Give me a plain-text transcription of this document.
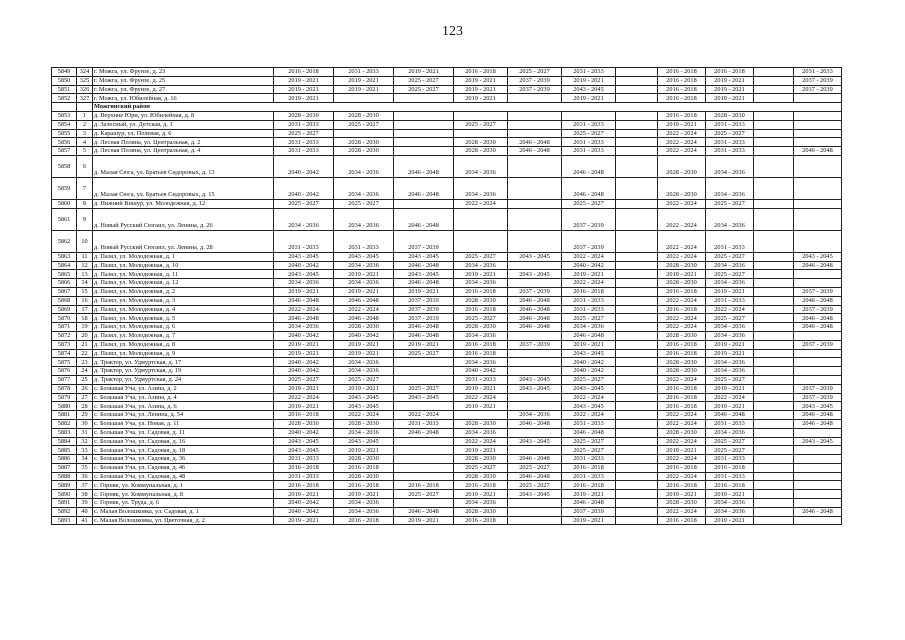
123
5849	324	г. Можга, ул. Фрунзе, д. 23	2016 - 2018	2031 - 2033	2019 - 2021	2016 - 2018	2025 - 2027	2031 - 2033		2016 - 2018	2016 - 2018		2031 - 2033
5850	325	г. Можга, ул. Фрунзе, д. 25	2019 - 2021	2019 - 2021	2025 - 2027	2019 - 2021	2037 - 2039	2019 - 2021		2016 - 2018	2019 - 2021		2037 - 2039
5851	326	г. Можга, ул. Фрунзе, д. 27	2019 - 2021	2019 - 2021	2025 - 2027	2019 - 2021	2037 - 2039	2043 - 2045		2016 - 2018	2019 - 2021		2037 - 2039
5852	327	г. Можга, ул. Юбилейная, д. 16	2019 - 2021			2019 - 2021		2019 - 2021		2016 - 2018	2019 - 2021		
		Можгинский район											
5853	1	д. Верхние Юри, ул. Юбилейная, д. 8	2028 - 2030	2028 - 2030						2016 - 2018	2028 - 2030		
5854	2	д. Залесный, ул. Детская, д. 1	2031 - 2033	2025 - 2027		2025 - 2027		2031 - 2033		2019 - 2021	2031 - 2033		
5855	3	д. Карашур, ул. Полевая, д. 6	2025 - 2027					2025 - 2027		2022 - 2024	2025 - 2027		
5856	4	д. Лесная Поляна, ул. Центральная, д. 2	2031 - 2033	2028 - 2030		2028 - 2030	2046 - 2048	2031 - 2033		2022 - 2024	2031 - 2033		
5857	5	д. Лесная Поляна, ул. Центральная, д. 4	2031 - 2033	2028 - 2030		2028 - 2030	2046 - 2048	2031 - 2033		2022 - 2024	2031 - 2033		2046 - 2048
5858	6	д. Малая Сюга, ул. Братьев Сидоровых, д. 13	2040 - 2042	2034 - 2036	2046 - 2048	2034 - 2036		2046 - 2048		2028 - 2030	2034 - 2036		
5859	7	д. Малая Сюга, ул. Братьев Сидоровых, д. 15	2040 - 2042	2034 - 2036	2046 - 2048	2034 - 2036		2046 - 2048		2028 - 2030	2034 - 2036		
5860	8	д. Нижний Вишур, ул. Молодежная, д. 12	2025 - 2027	2025 - 2027		2022 - 2024		2025 - 2027		2022 - 2024	2025 - 2027		
5861	9	д. Новый Русский Сюгаил, ул. Ленина, д. 26	2034 - 2036	2034 - 2036	2046 - 2048			2037 - 2039		2022 - 2024	2034 - 2036		
5862	10	д. Новый Русский Сюгаил, ул. Ленина, д. 28	2031 - 2033	2031 - 2033	2037 - 2039			2037 - 2039		2022 - 2024	2031 - 2033		
5863	11	д. Пазял, ул. Молодежная, д. 1	2043 - 2045	2043 - 2045	2043 - 2045	2025 - 2027	2043 - 2045	2022 - 2024		2022 - 2024	2025 - 2027		2043 - 2045
5864	12	д. Пазял, ул. Молодежная, д. 10	2040 - 2042	2034 - 2036	2046 - 2048	2034 - 2036		2040 - 2042		2028 - 2030	2034 - 2036		2046 - 2048
5865	13	д. Пазял, ул. Молодежная, д. 11	2043 - 2045	2019 - 2021	2043 - 2045	2019 - 2021	2043 - 2045	2019 - 2021		2019 - 2021	2025 - 2027		
5866	14	д. Пазял, ул. Молодежная, д. 12	2034 - 2036	2034 - 2036	2046 - 2048	2034 - 2036		2022 - 2024		2028 - 2030	2034 - 2036		
5867	15	д. Пазял, ул. Молодежная, д. 2	2019 - 2021	2019 - 2021	2019 - 2021	2016 - 2018	2037 - 2039	2016 - 2018		2016 - 2018	2019 - 2021		2037 - 2039
5868	16	д. Пазял, ул. Молодежная, д. 3	2046 - 2048	2046 - 2048	2037 - 2039	2028 - 2030	2046 - 2048	2031 - 2033		2022 - 2024	2031 - 2033		2046 - 2048
5869	17	д. Пазял, ул. Молодежная, д. 4	2022 - 2024	2022 - 2024	2037 - 2039	2016 - 2018	2046 - 2048	2031 - 2033		2016 - 2018	2022 - 2024		2037 - 2039
5870	18	д. Пазял, ул. Молодежная, д. 5	2046 - 2048	2046 - 2048	2037 - 2039	2025 - 2027	2046 - 2048	2025 - 2027		2022 - 2024	2025 - 2027		2046 - 2048
5871	19	д. Пазял, ул. Молодежная, д. 6	2034 - 2036	2028 - 2030	2046 - 2048	2028 - 2030	2046 - 2048	2034 - 2036		2022 - 2024	2034 - 2036		2046 - 2048
5872	20	д. Пазял, ул. Молодежная, д. 7	2040 - 2042	2040 - 2042	2046 - 2048	2034 - 2036		2046 - 2048		2028 - 2030	2034 - 2036		
5873	21	д. Пазял, ул. Молодежная, д. 8	2019 - 2021	2019 - 2021	2019 - 2021	2016 - 2018	2037 - 2039	2019 - 2021		2016 - 2018	2019 - 2021		2037 - 2039
5874	22	д. Пазял, ул. Молодежная, д. 9	2019 - 2021	2019 - 2021	2025 - 2027	2016 - 2018		2043 - 2045		2016 - 2018	2019 - 2021		
5875	23	д. Трактор, ул. Удмуртская, д. 17	2040 - 2042	2034 - 2036		2034 - 2036		2040 - 2042		2028 - 2030	2034 - 2036		
5876	24	д. Трактор, ул. Удмуртская, д. 19	2040 - 2042	2034 - 2036		2040 - 2042		2040 - 2042		2028 - 2030	2034 - 2036		
5877	25	д. Трактор, ул. Удмуртская, д. 24	2025 - 2027	2025 - 2027		2031 - 2033	2043 - 2045	2025 - 2027		2022 - 2024	2025 - 2027		
5878	26	с. Большая Уча, ул. Азина, д. 2	2019 - 2021	2019 - 2021	2025 - 2027	2019 - 2021	2043 - 2045	2043 - 2045		2016 - 2018	2019 - 2021		2037 - 2039
5879	27	с. Большая Уча, ул. Азина, д. 4	2022 - 2024	2043 - 2045	2043 - 2045	2022 - 2024		2022 - 2024		2016 - 2018	2022 - 2024		2037 - 2039
5880	28	с. Большая Уча, ул. Азина, д. 6	2019 - 2021	2043 - 2045		2019 - 2021		2043 - 2045		2016 - 2018	2019 - 2021		2043 - 2045
5881	29	с. Большая Уча, ул. Ленина, д. 54	2016 - 2018	2022 - 2024	2022 - 2024		2034 - 2036	2022 - 2024		2022 - 2024	2046 - 2048		2046 - 2048
5882	30	с. Большая Уча, ул. Новая, д. 11	2028 - 2030	2028 - 2030	2031 - 2033	2028 - 2030	2046 - 2048	2031 - 2033		2022 - 2024	2031 - 2033		2046 - 2048
5883	31	с. Большая Уча, ул. Садовая, д. 11	2040 - 2042	2034 - 2036	2046 - 2048	2034 - 2036		2046 - 2048		2028 - 2030	2034 - 2036		
5884	32	с. Большая Уча, ул. Садовая, д. 16	2043 - 2045	2043 - 2045		2022 - 2024	2043 - 2045	2025 - 2027		2022 - 2024	2025 - 2027		2043 - 2045
5885	33	с. Большая Уча, ул. Садовая, д. 18	2043 - 2045	2019 - 2021		2019 - 2021		2025 - 2027		2019 - 2021	2025 - 2027		
5886	34	с. Большая Уча, ул. Садовая, д. 36	2031 - 2033	2028 - 2030		2028 - 2030	2046 - 2048	2031 - 2033		2022 - 2024	2031 - 2033		
5887	35	с. Большая Уча, ул. Садовая, д. 46	2016 - 2018	2016 - 2018		2025 - 2027	2025 - 2027	2016 - 2018		2016 - 2018	2016 - 2018		
5888	36	с. Большая Уча, ул. Садовая, д. 48	2031 - 2033	2028 - 2030		2028 - 2030	2046 - 2048	2031 - 2033		2022 - 2024	2031 - 2033		
5889	37	с. Горняк, ул. Коммунальная, д. 1	2016 - 2018	2016 - 2018	2016 - 2018	2016 - 2018	2025 - 2027	2016 - 2018		2016 - 2018	2016 - 2018		
5890	38	с. Горняк, ул. Коммунальная, д. 8	2019 - 2021	2019 - 2021	2025 - 2027	2019 - 2021	2043 - 2045	2019 - 2021		2019 - 2021	2019 - 2021		
5891	39	с. Горняк, ул. Труда, д. 6	2040 - 2042	2034 - 2036		2034 - 2036		2046 - 2048		2028 - 2030	2034 - 2036		
5892	40	с. Малая Волошковка, ул. Садовая, д. 1	2040 - 2042	2034 - 2036	2046 - 2048	2028 - 2030		2037 - 2039		2022 - 2024	2034 - 2036		2046 - 2048
5893	41	с. Малая Волошковка, ул. Цветочная, д. 2	2019 - 2021	2016 - 2018	2019 - 2021	2016 - 2018		2019 - 2021		2016 - 2018	2019 - 2021		
